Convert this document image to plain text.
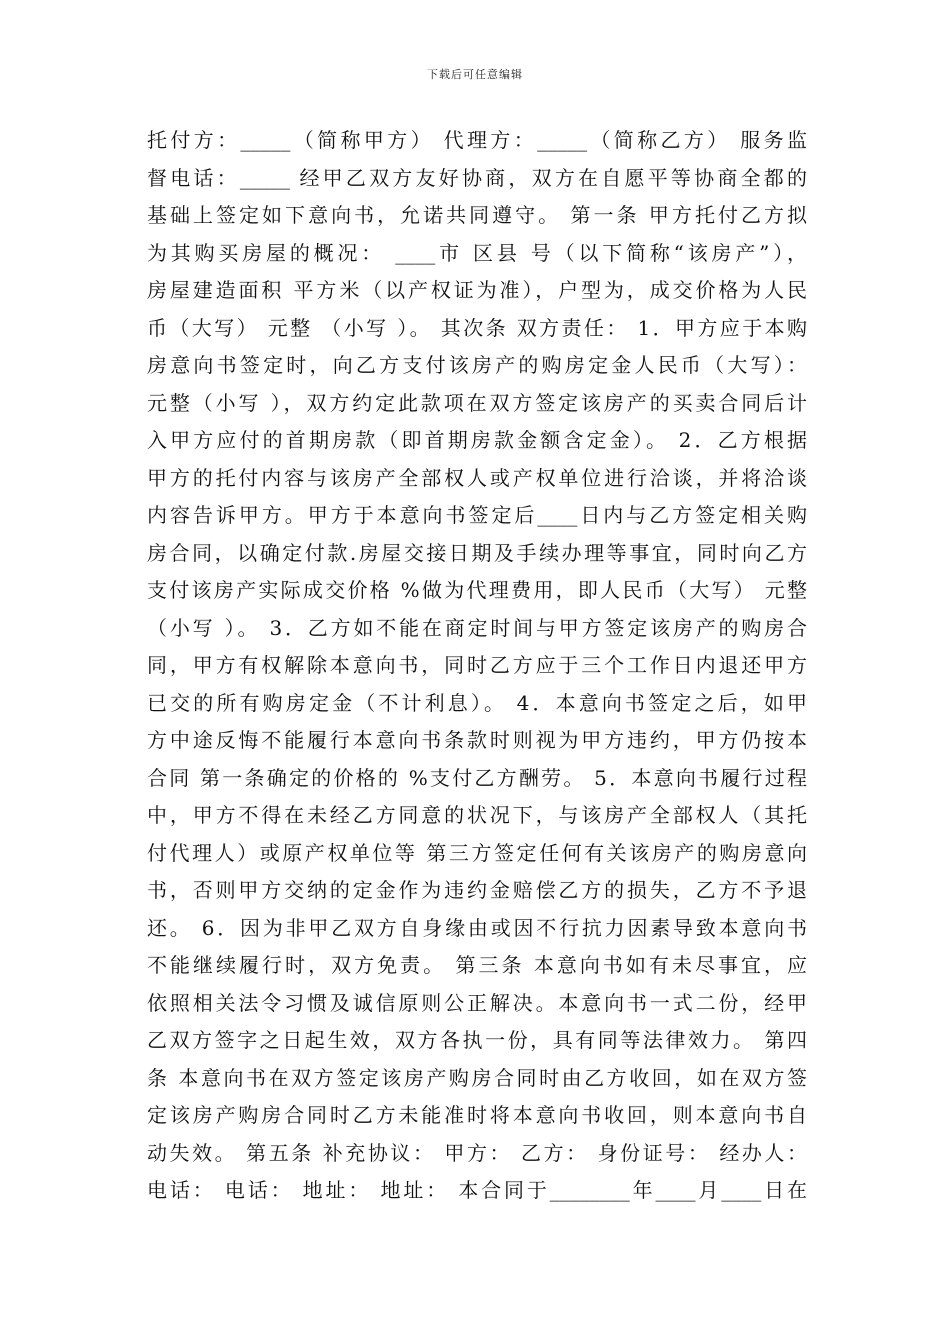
下载后可任意编辑
托付方：_____（简称甲方） 代理方：_____（简称乙方） 服务监
督电话：_____ 经甲乙双方友好协商，双方在自愿平等协商全都的
基础上签定如下意向书，允诺共同遵守。 第一条 甲方托付乙方拟
为其购买房屋的概况： ____市 区县 号（以下简称“该房产”），
房屋建造面积 平方米（以产权证为准），户型为，成交价格为人民
币（大写） 元整 （小写 ）。 其次条 双方责任： 1．甲方应于本购
房意向书签定时，向乙方支付该房产的购房定金人民币（大写）：
元整（小写 ），双方约定此款项在双方签定该房产的买卖合同后计
入甲方应付的首期房款（即首期房款金额含定金）。 2．乙方根据
甲方的托付内容与该房产全部权人或产权单位进行洽谈，并将洽谈
内容告诉甲方。甲方于本意向书签定后____日内与乙方签定相关购
房合同，以确定付款.房屋交接日期及手续办理等事宜，同时向乙方
支付该房产实际成交价格 %做为代理费用，即人民币（大写） 元整
（小写 ）。 3．乙方如不能在商定时间与甲方签定该房产的购房合
同，甲方有权解除本意向书，同时乙方应于三个工作日内退还甲方
已交的所有购房定金（不计利息）。 4．本意向书签定之后，如甲
方中途反悔不能履行本意向书条款时则视为甲方违约，甲方仍按本
合同 第一条确定的价格的 %支付乙方酬劳。 5．本意向书履行过程
中，甲方不得在未经乙方同意的状况下，与该房产全部权人（其托
付代理人）或原产权单位等 第三方签定任何有关该房产的购房意向
书，否则甲方交纳的定金作为违约金赔偿乙方的损失，乙方不予退
还。 6．因为非甲乙双方自身缘由或因不行抗力因素导致本意向书
不能继续履行时，双方免责。 第三条 本意向书如有未尽事宜，应
依照相关法令习惯及诚信原则公正解决。本意向书一式二份，经甲
乙双方签字之日起生效，双方各执一份，具有同等法律效力。 第四
条 本意向书在双方签定该房产购房合同时由乙方收回，如在双方签
定该房产购房合同时乙方未能准时将本意向书收回，则本意向书自
动失效。 第五条 补充协议： 甲方： 乙方： 身份证号： 经办人：
电话： 电话： 地址： 地址： 本合同于________年____月____日在
